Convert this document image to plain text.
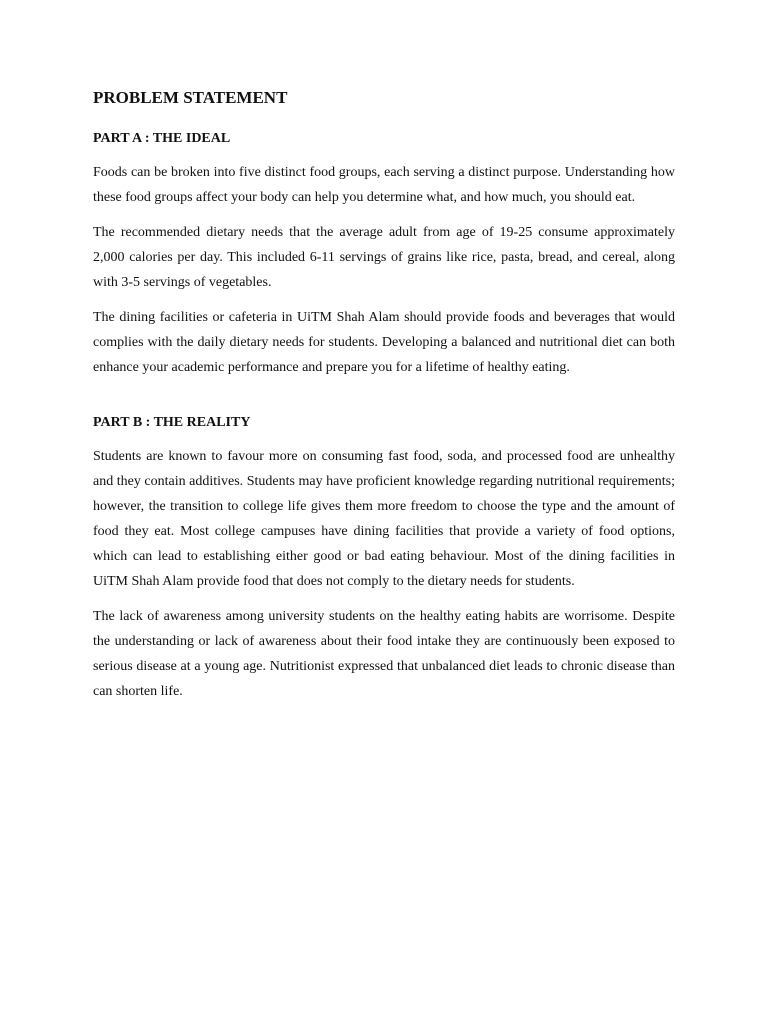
PROBLEM STATEMENT
PART A : THE IDEAL

Foods can be broken into five distinct food groups, each serving a distinct purpose. Understanding how these food groups affect your body can help you determine what, and how much, you should eat.

The recommended dietary needs that the average adult from age of 19-25 consume approximately 2,000 calories per day. This included 6-11 servings of grains like rice, pasta, bread, and cereal, along with 3-5 servings of vegetables.

The dining facilities or cafeteria in UiTM Shah Alam should provide foods and beverages that would complies with the daily dietary needs for students. Developing a balanced and nutritional diet can both enhance your academic performance and prepare you for a lifetime of healthy eating.

PART B : THE REALITY

Students are known to favour more on consuming fast food, soda, and processed food are unhealthy and they contain additives. Students may have proficient knowledge regarding nutritional requirements; however, the transition to college life gives them more freedom to choose the type and the amount of food they eat. Most college campuses have dining facilities that provide a variety of food options, which can lead to establishing either good or bad eating behaviour. Most of the dining facilities in UiTM Shah Alam provide food that does not comply to the dietary needs for students.

The lack of awareness among university students on the healthy eating habits are worrisome. Despite the understanding or lack of awareness about their food intake they are continuously been exposed to serious disease at a young age. Nutritionist expressed that unbalanced diet leads to chronic disease than can shorten life.
